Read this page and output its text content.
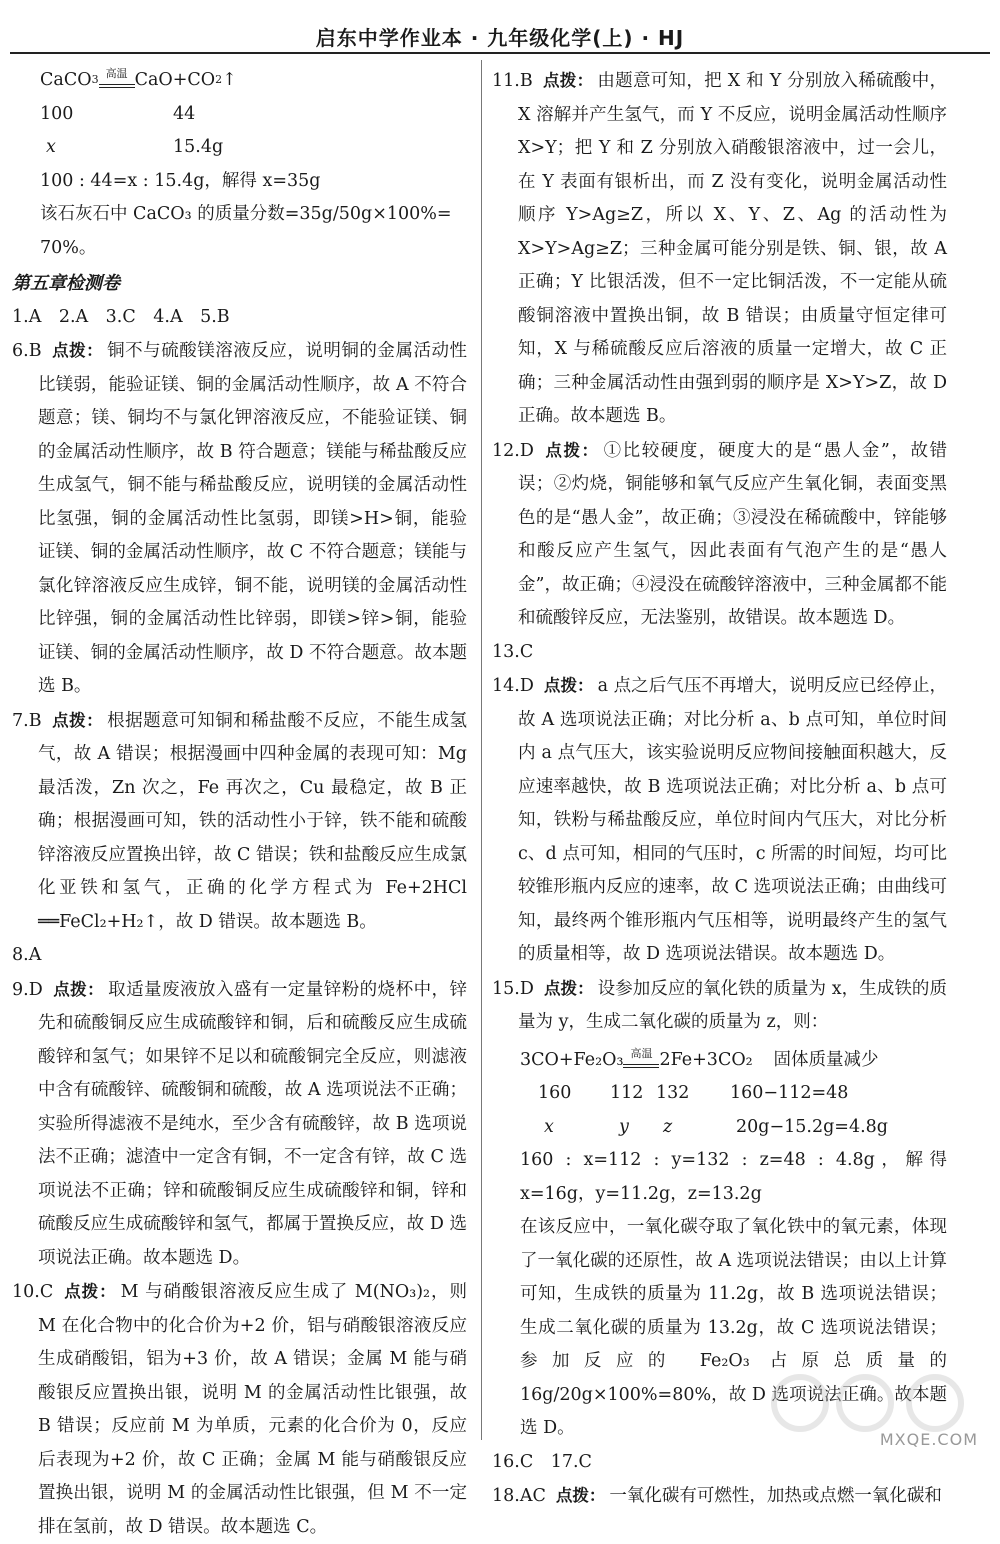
启东中学作业本 · 九年级化学(上) · HJ
CaCO$_3$ 高温 $CaO+CO_2$ ↑
100	44
x	15.4g

100 : 44=x : 15.4g，解得 x=35g

该石灰石中 CaCO₃ 的质量分数=35g/50g×100%=

70%。

第五章检测卷

1.A　2.A　3.C　4.A　5.B

6.B 点拨： 铜不与硫酸镁溶液反应，说明铜的金属活动性比镁弱，能验证镁、铜的金属活动性顺序，故 A 不符合题意；镁、铜均不与氯化钾溶液反应，不能验证镁、铜的金属活动性顺序，故 B 符合题意；镁能与稀盐酸反应生成氢气，铜不能与稀盐酸反应，说明镁的金属活动性比氢强，铜的金属活动性比氢弱，即镁>H>铜，能验证镁、铜的金属活动性顺序，故 C 不符合题意；镁能与氯化锌溶液反应生成锌，铜不能，说明镁的金属活动性比锌强，铜的金属活动性比锌弱，即镁>锌>铜，能验证镁、铜的金属活动性顺序，故 D 不符合题意。故本题选 B。

7.B 点拨： 根据题意可知铜和稀盐酸不反应，不能生成氢气，故 A 错误；根据漫画中四种金属的表现可知：Mg 最活泼，Zn 次之，Fe 再次之，Cu 最稳定，故 B 正确；根据漫画可知，铁的活动性小于锌，铁不能和硫酸锌溶液反应置换出锌，故 C 错误；铁和盐酸反应生成氯化亚铁和氢气，正确的化学方程式为 Fe+2HCl ══FeCl₂+H₂↑，故 D 错误。故本题选 B。

8.A

9.D 点拨： 取适量废液放入盛有一定量锌粉的烧杯中，锌先和硫酸铜反应生成硫酸锌和铜，后和硫酸反应生成硫酸锌和氢气；如果锌不足以和硫酸铜完全反应，则滤液中含有硫酸锌、硫酸铜和硫酸，故 A 选项说法不正确；实验所得滤液不是纯水，至少含有硫酸锌，故 B 选项说法不正确；滤渣中一定含有铜，不一定含有锌，故 C 选项说法不正确；锌和硫酸铜反应生成硫酸锌和铜，锌和硫酸反应生成硫酸锌和氢气，都属于置换反应，故 D 选项说法正确。故本题选 D。

10.C 点拨： M 与硝酸银溶液反应生成了 M(NO₃)₂，则 M 在化合物中的化合价为+2 价，铝与硝酸银溶液反应生成硝酸铝，铝为+3 价，故 A 错误；金属 M 能与硝酸银反应置换出银，说明 M 的金属活动性比银强，故 B 错误；反应前 M 为单质，元素的化合价为 0，反应后表现为+2 价，故 C 正确；金属 M 能与硝酸银反应置换出银，说明 M 的金属活动性比银强，但 M 不一定排在氢前，故 D 错误。故本题选 C。

11.B 点拨： 由题意可知，把 X 和 Y 分别放入稀硫酸中，X 溶解并产生氢气，而 Y 不反应，说明金属活动性顺序 X>Y；把 Y 和 Z 分别放入硝酸银溶液中，过一会儿，在 Y 表面有银析出，而 Z 没有变化，说明金属活动性顺序 Y>Ag≥Z，所以 X、Y、Z、Ag 的活动性为 X>Y>Ag≥Z；三种金属可能分别是铁、铜、银，故 A 正确；Y 比银活泼，但不一定比铜活泼，不一定能从硫酸铜溶液中置换出铜，故 B 错误；由质量守恒定律可知，X 与稀硫酸反应后溶液的质量一定增大，故 C 正确；三种金属活动性由强到弱的顺序是 X>Y>Z，故 D 正确。故本题选 B。

12.D 点拨： ①比较硬度，硬度大的是“愚人金”，故错误；②灼烧，铜能够和氧气反应产生氧化铜，表面变黑色的是“愚人金”，故正确；③浸没在稀硫酸中，锌能够和酸反应产生氢气，因此表面有气泡产生的是“愚人金”，故正确；④浸没在硫酸锌溶液中，三种金属都不能和硫酸锌反应，无法鉴别，故错误。故本题选 D。

13.C

14.D 点拨： a 点之后气压不再增大，说明反应已经停止，故 A 选项说法正确；对比分析 a、b 点可知，单位时间内 a 点气压大，该实验说明反应物间接触面积越大，反应速率越快，故 B 选项说法正确；对比分析 a、b 点可知，铁粉与稀盐酸反应，单位时间内气压大，对比分析 c、d 点可知，相同的气压时，c 所需的时间短，均可比较锥形瓶内反应的速率，故 C 选项说法正确；由曲线可知，最终两个锥形瓶内气压相等，说明最终产生的氢气的质量相等，故 D 选项说法错误。故本题选 D。

15.D 点拨： 设参加反应的氧化铁的质量为 x，生成铁的质量为 y，生成二氧化碳的质量为 z，则：

3CO+Fe₂O₃ 高温 2Fe+3CO₂	固体质量减少
160	112 132	160−112=48
x	y	z	20g−15.2g=4.8g

160 : x=112 : y=132 : z=48 : 4.8g，解得 x=16g，y=11.2g，z=13.2g

在该反应中，一氧化碳夺取了氧化铁中的氧元素，体现了一氧化碳的还原性，故 A 选项说法错误；由以上计算可知，生成铁的质量为 11.2g，故 B 选项说法错误；生成二氧化碳的质量为 13.2g，故 C 选项说法错误；参加反应的 Fe₂O₃ 占原总质量的 16g/20g×100%=80%，故 D 选项说法正确。故本题选 D。

16.C　17.C

18.AC 点拨： 一氧化碳有可燃性，加热或点燃一氧化碳和

MXQE.COM
